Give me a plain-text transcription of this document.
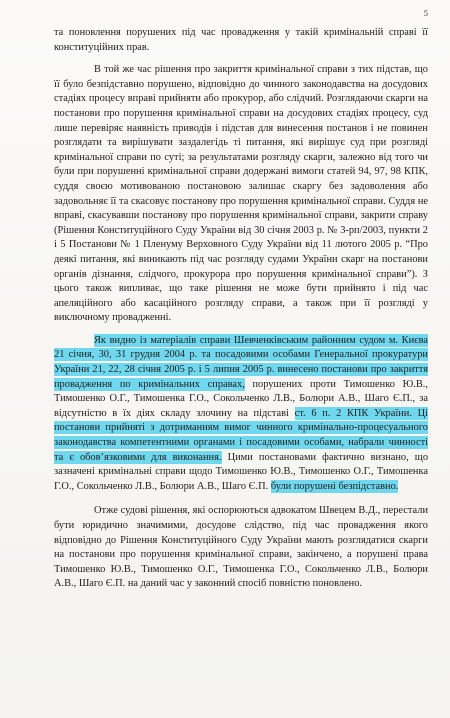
5

та поновлення порушених під час провадження у такій кримінальній справі її конституційних прав.

В той же час рішення про закриття кримінальної справи з тих підстав, що її було безпідставно порушено, відповідно до чинного законодавства на досудових стадіях процесу вправі прийняти або прокурор, або слідчий. Розглядаючи скарги на постанови про порушення кримінальної справи на досудових стадіях процесу, суд лише перевіряє наявність приводів і підстав для винесення постанов і не повинен розглядати та вирішувати заздалегідь ті питання, які вирішує суд при розгляді кримінальної справи по суті; за результатами розгляду скарги, залежно від того чи були при порушенні кримінальної справи додержані вимоги статей 94, 97, 98 КПК, суддя своєю мотивованою постановою залишає скаргу без задоволення або задовольняє її та скасовує постанову про порушення кримінальної справи. Суддя не вправі, скасувавши постанову про порушення кримінальної справи, закрити справу (Рішення Конституційного Суду України від 30 січня 2003 р. № 3-рп/2003, пункти 2 і 5 Постанови № 1 Пленуму Верховного Суду України від 11 лютого 2005 р. “Про деякі питання, які виникають під час розгляду судами України скарг на постанови органів дізнання, слідчого, прокурора про порушення кримінальної справи”). З цього також випливає, що таке рішення не може бути прийнято і під час апеляційного або касаційного розгляду справи, а також при її розгляді у виключному провадженні.

Як видно із матеріалів справи Шевченківським районним судом м. Києва 21 січня, 30, 31 грудня 2004 р. та посадовими особами Генеральної прокуратури України 21, 22, 28 січня 2005 р. і 5 липня 2005 р. винесено постанови про закриття провадження по кримінальних справах, порушених проти Тимошенко Ю.В., Тимошенко О.Г., Тимошенка Г.О., Сокольченко Л.В., Болюри А.В., Шаго Є.П., за відсутністю в їх діях складу злочину на підставі ст. 6 п. 2 КПК України. Ці постанови прийняті з дотриманням вимог чинного кримінально-процесуального законодавства компетентними органами і посадовими особами, набрали чинності та є обов’язковими для виконання. Цими постановами фактично визнано, що зазначені кримінальні справи щодо Тимошенко Ю.В., Тимошенко О.Г., Тимошенка Г.О., Сокольченко Л.В., Болюри А.В., Шаго Є.П. були порушені безпідставно.

Отже судові рішення, які оспорюються адвокатом Швецем В.Д., перестали бути юридично значимими, досудове слідство, під час провадження якого відповідно до Рішення Конституційного Суду України мають розглядатися скарги на постанови про порушення кримінальної справи, закінчено, а порушені права Тимошенко Ю.В., Тимошенко О.Г., Тимошенка Г.О., Сокольченко Л.В., Болюри А.В., Шаго Є.П. на даний час у законний спосіб повністю поновлено.
